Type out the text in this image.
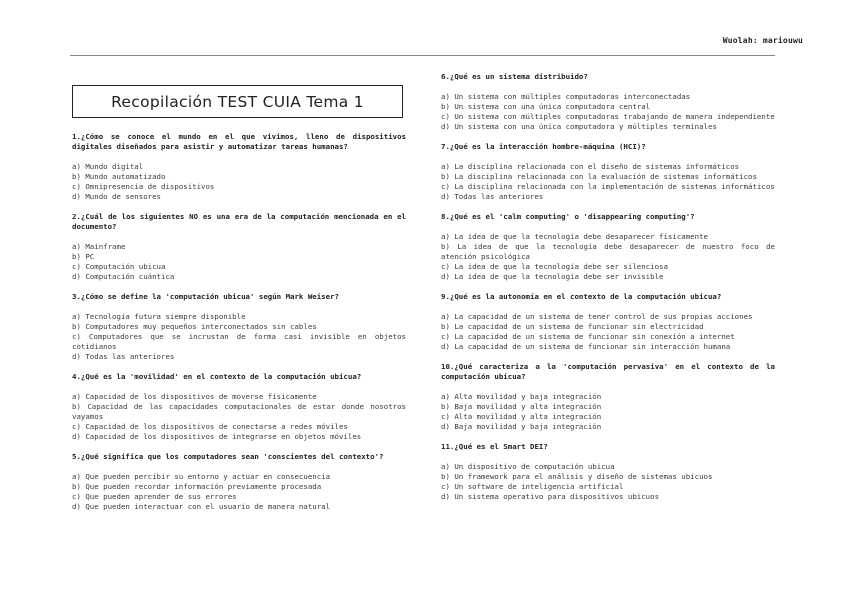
Wuolah: mariouwu
Recopilación TEST CUIA Tema 1
1.¿Cómo se conoce el mundo en el que vivimos, lleno de dispositivos digitales diseñados para asistir y automatizar tareas humanas?
a) Mundo digital
b) Mundo automatizado
c) Omnipresencia de dispositivos
d) Mundo de sensores
2.¿Cuál de los siguientes NO es una era de la computación mencionada en el documento?
a) Mainframe
b) PC
c) Computación ubicua
d) Computación cuántica
3.¿Cómo se define la 'computación ubicua' según Mark Weiser?
a) Tecnología futura siempre disponible
b) Computadores muy pequeños interconectados sin cables
c) Computadores que se incrustan de forma casi invisible en objetos cotidianos
d) Todas las anteriores
4.¿Qué es la 'movilidad' en el contexto de la computación ubicua?
a) Capacidad de los dispositivos de moverse físicamente
b) Capacidad de las capacidades computacionales de estar donde nosotros vayamos
c) Capacidad de los dispositivos de conectarse a redes móviles
d) Capacidad de los dispositivos de integrarse en objetos móviles
5.¿Qué significa que los computadores sean 'conscientes del contexto'?
a) Que pueden percibir su entorno y actuar en consecuencia
b) Que pueden recordar información previamente procesada
c) Que pueden aprender de sus errores
d) Que pueden interactuar con el usuario de manera natural
6.¿Qué es un sistema distribuido?
a) Un sistema con múltiples computadoras interconectadas
b) Un sistema con una única computadora central
c) Un sistema con múltiples computadoras trabajando de manera independiente
d) Un sistema con una única computadora y múltiples terminales
7.¿Qué es la interacción hombre-máquina (HCI)?
a) La disciplina relacionada con el diseño de sistemas informáticos
b) La disciplina relacionada con la evaluación de sistemas informáticos
c) La disciplina relacionada con la implementación de sistemas informáticos
d) Todas las anteriores
8.¿Qué es el 'calm computing' o 'disappearing computing'?
a) La idea de que la tecnología debe desaparecer físicamente
b) La idea de que la tecnología debe desaparecer de nuestro foco de atención psicológica
c) La idea de que la tecnología debe ser silenciosa
d) La idea de que la tecnología debe ser invisible
9.¿Qué es la autonomía en el contexto de la computación ubicua?
a) La capacidad de un sistema de tener control de sus propias acciones
b) La capacidad de un sistema de funcionar sin electricidad
c) La capacidad de un sistema de funcionar sin conexión a internet
d) La capacidad de un sistema de funcionar sin interacción humana
10.¿Qué caracteriza a la 'computación pervasiva' en el contexto de la computación ubicua?
a) Alta movilidad y baja integración
b) Baja movilidad y alta integración
c) Alta movilidad y alta integración
d) Baja movilidad y baja integración
11.¿Qué es el Smart DEI?
a) Un dispositivo de computación ubicua
b) Un framework para el análisis y diseño de sistemas ubicuos
c) Un software de inteligencia artificial
d) Un sistema operativo para dispositivos ubicuos
